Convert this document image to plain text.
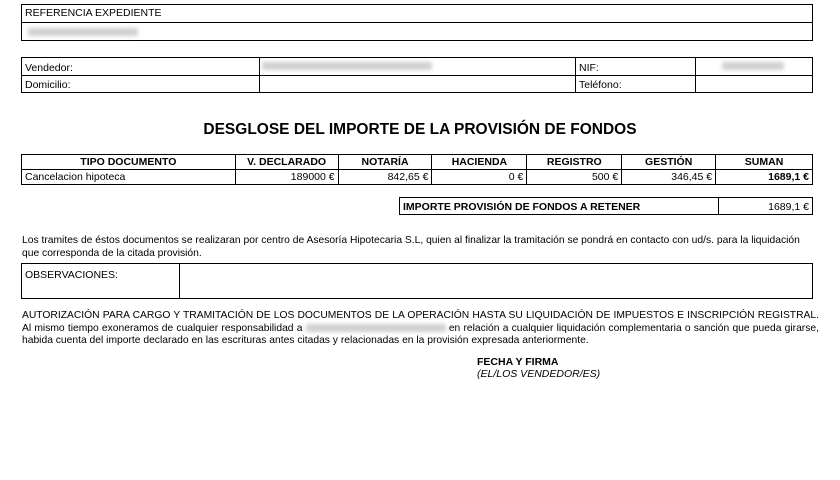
REFERENCIA EXPEDIENTE
Vendedor:	NIF:
Domicilio:	Teléfono:
DESGLOSE DEL IMPORTE DE LA PROVISIÓN DE FONDOS
TIPO DOCUMENTO	V. DECLARADO	NOTARÍA	HACIENDA	REGISTRO	GESTIÓN	SUMAN
Cancelacion hipoteca	189000 €	842,65 €	0 €	500 €	346,45 €	1689,1 €
IMPORTE PROVISIÓN DE FONDOS A RETENER	1689,1 €
Los tramites de éstos documentos se realizaran por centro de Asesoría Hipotecaria S.L, quien al finalizar la tramitación se pondrá en contacto con ud/s. para la liquidación que corresponda de la citada provisión.
OBSERVACIONES:
AUTORIZACIÓN PARA CARGO Y TRAMITACIÓN DE LOS DOCUMENTOS DE LA OPERACIÓN HASTA SU LIQUIDACIÓN DE IMPUESTOS E INSCRIPCIÓN REGISTRAL. Al mismo tiempo exoneramos de cualquier responsabilidad a	en relación a cualquier liquidación complementaria o sanción que pueda girarse, habida cuenta del importe declarado en las escrituras antes citadas y relacionadas en la provisión expresada anteriormente.
FECHA Y FIRMA
(EL/LOS VENDEDOR/ES)
